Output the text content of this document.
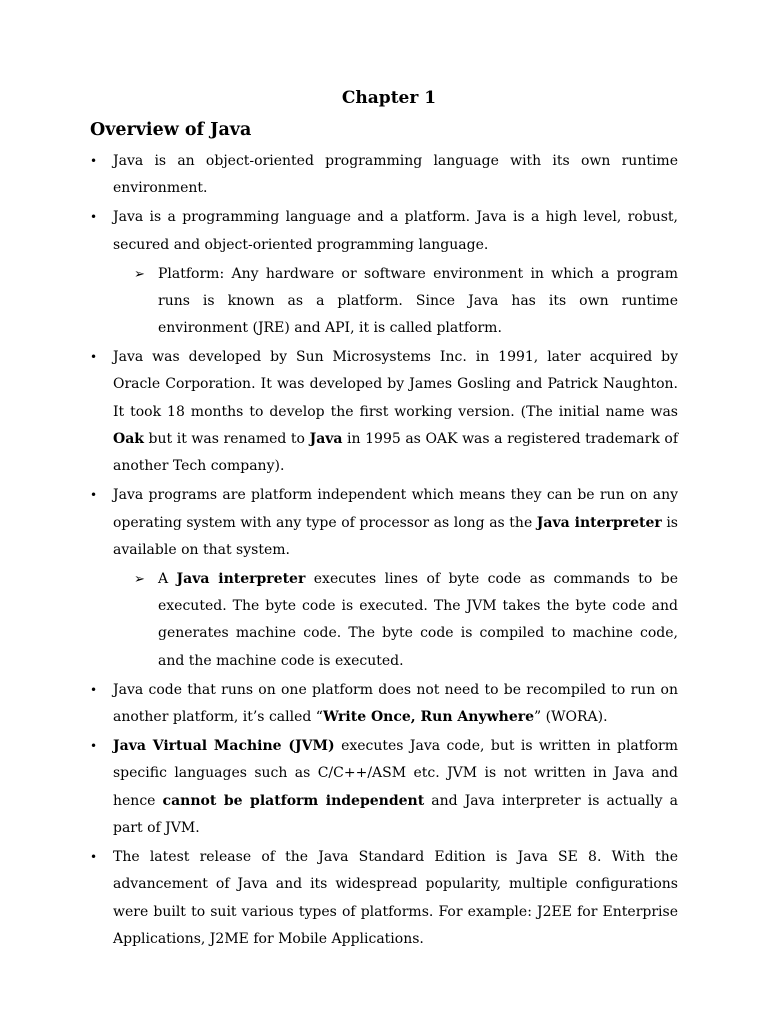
Chapter 1
Overview of Java
• Java is an object-oriented programming language with its own runtime environment.
• Java is a programming language and a platform. Java is a high level, robust, secured and object-oriented programming language.
➢ Platform: Any hardware or software environment in which a program runs is known as a platform. Since Java has its own runtime environment (JRE) and API, it is called platform.
• Java was developed by Sun Microsystems Inc. in 1991, later acquired by Oracle Corporation. It was developed by James Gosling and Patrick Naughton. It took 18 months to develop the first working version. (The initial name was Oak but it was renamed to Java in 1995 as OAK was a registered trademark of another Tech company).
• Java programs are platform independent which means they can be run on any operating system with any type of processor as long as the Java interpreter is available on that system.
➢ A Java interpreter executes lines of byte code as commands to be executed. The byte code is executed. The JVM takes the byte code and generates machine code. The byte code is compiled to machine code, and the machine code is executed.
• Java code that runs on one platform does not need to be recompiled to run on another platform, it’s called “Write Once, Run Anywhere” (WORA).
• Java Virtual Machine (JVM) executes Java code, but is written in platform specific languages such as C/C++/ASM etc. JVM is not written in Java and hence cannot be platform independent and Java interpreter is actually a part of JVM.
• The latest release of the Java Standard Edition is Java SE 8. With the advancement of Java and its widespread popularity, multiple configurations were built to suit various types of platforms. For example: J2EE for Enterprise Applications, J2ME for Mobile Applications.
